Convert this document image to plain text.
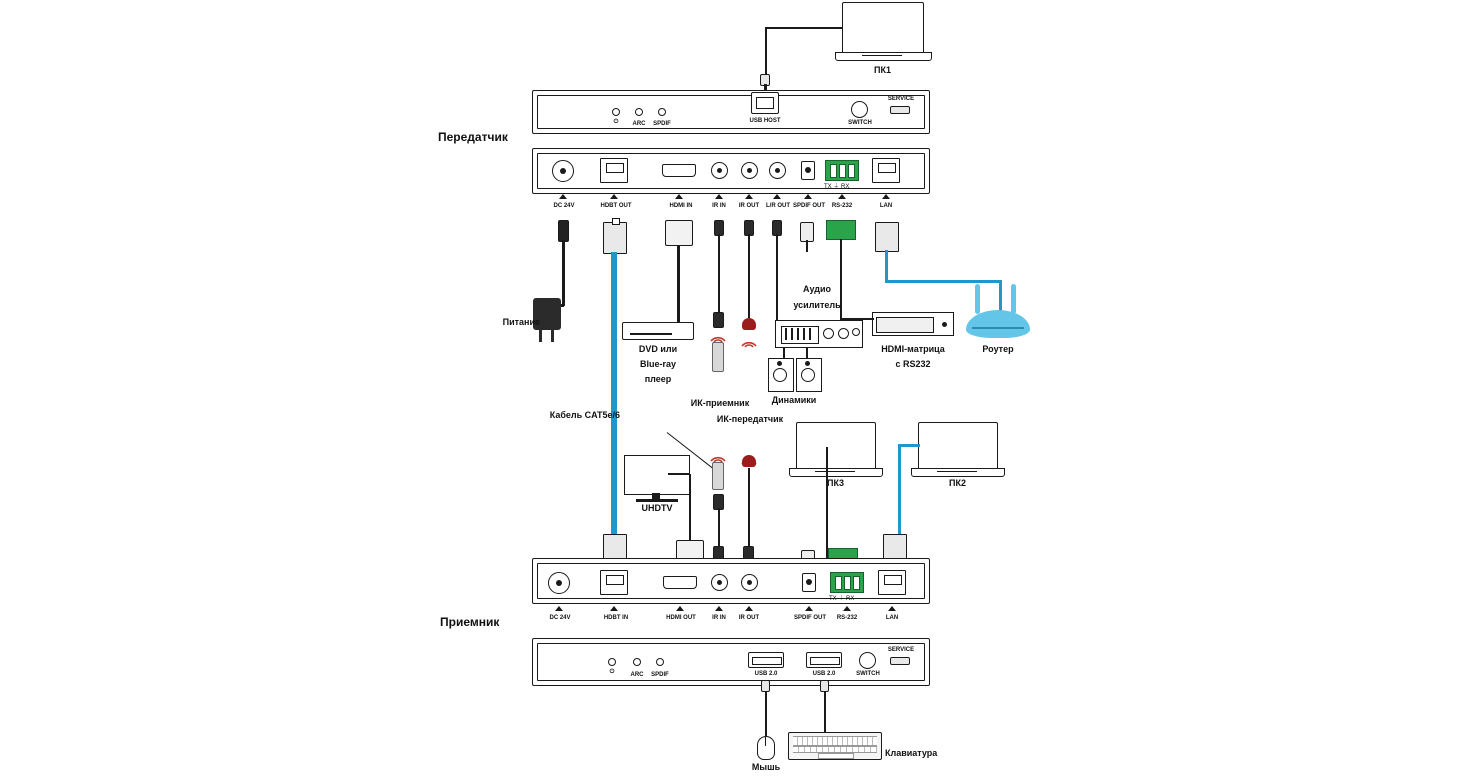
ПК1
⏻	ARC	SPDIF	USB HOST	SWITCH
SERVICE
Передатчик
TX ⏚ RX
DC 24V	HDBT OUT	HDMI IN	IR IN	IR OUT	L/R OUT SPDIF OUT	RS-232	LAN
Питание
Кабель CAT5e/6
ИК-приемник
DVD или
Blue-ray
плеер
Аудио
усилитель
Динамики
HDMI-матрица
с RS232
Роутер
ИК-передатчик
ПК3	ПК2
UHDTV
TX ⏚ RX
DC 24V	HDBT IN	HDMI OUT	IR IN	IR OUT	SPDIF OUT	RS-232	LAN
Приемник
⏻	ARC	SPDIF	USB 2.0	USB 2.0	SWITCH
SERVICE
Мышь
Клавиатура
